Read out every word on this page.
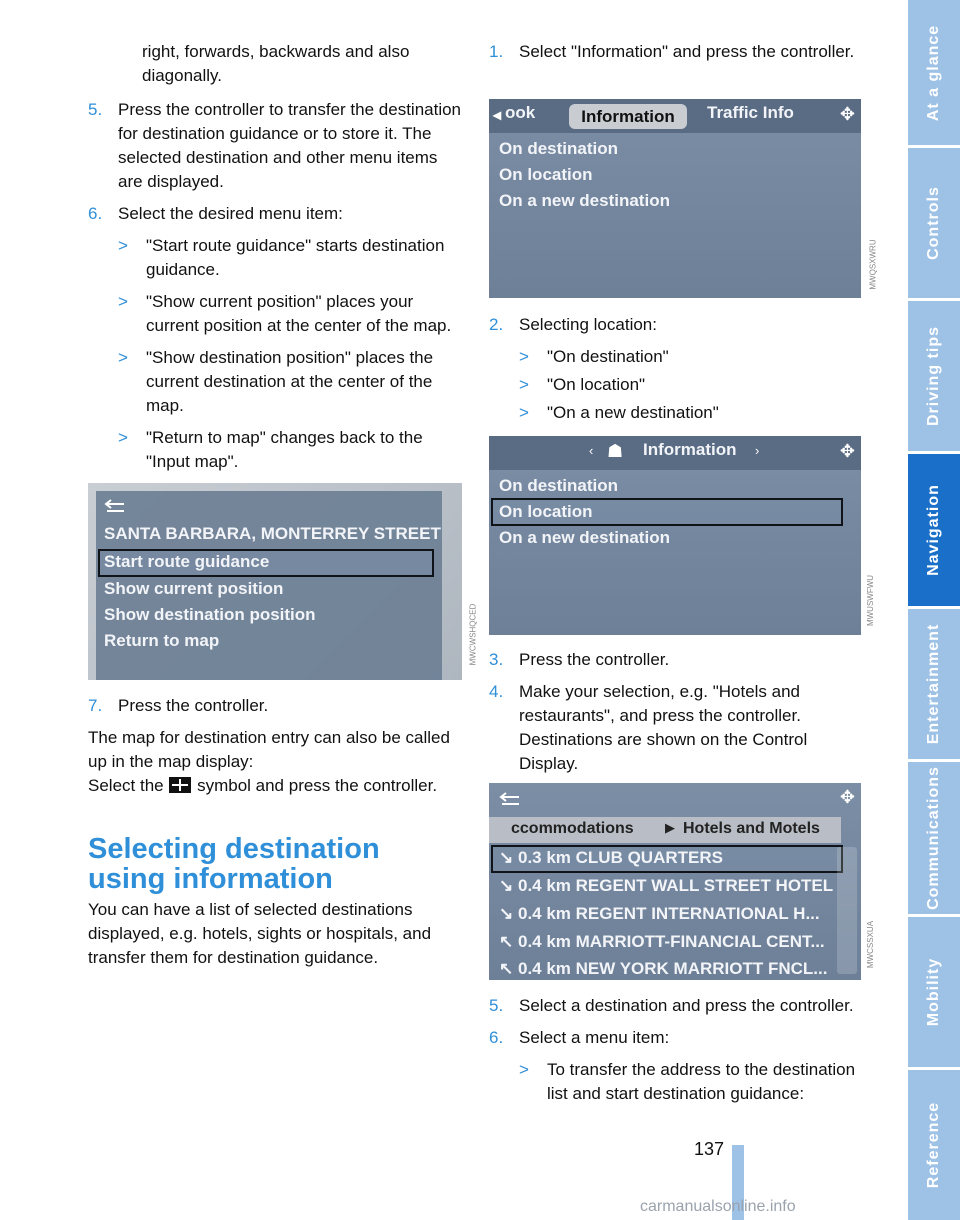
right, forwards, backwards and also diagonally.
5. Press the controller to transfer the destination for destination guidance or to store it. The selected destination and other menu items are displayed.
6. Select the desired menu item:
> "Start route guidance" starts destination guidance.
> "Show current position" places your current position at the center of the map.
> "Show destination position" places the current destination at the center of the map.
> "Return to map" changes back to the "Input map".
SANTA BARBARA, MONTERREY STREET
Start route guidance
Show current position
Show destination position
Return to map	MWCWSHQCED
7. Press the controller.
The map for destination entry can also be called up in the map display:
Select the symbol and press the controller.
Selecting destination using information
You can have a list of selected destinations displayed, e.g. hotels, sights or hospitals, and transfer them for destination guidance.
1. Select "Information" and press the controller.
◂ ook	Information	Traffic Info	✥
On destination
On location
On a new destination
MWQSXWRU
2. Selecting location:
> "On destination"
> "On location"
> "On a new destination"
‹ ☗ Information ›	✥
On destination
On location
On a new destination
MWUSWFWU
3. Press the controller.
4. Make your selection, e.g. "Hotels and restaurants", and press the controller. Destinations are shown on the Control Display.
✥
ccommodations ▶ Hotels and Motels
↘ 0.3 km CLUB QUARTERS
↘ 0.4 km REGENT WALL STREET HOTEL
↘ 0.4 km REGENT INTERNATIONAL H...
↖ 0.4 km MARRIOTT-FINANCIAL CENT...
↖ 0.4 km NEW YORK MARRIOTT FNCL...
MWCSSXUA
5. Select a destination and press the controller.
6. Select a menu item:
> To transfer the address to the destination list and start destination guidance:
At a glance
Controls
Driving tips
Navigation
Entertainment
Communications
Mobility
Reference
137
carmanualsonline.info
